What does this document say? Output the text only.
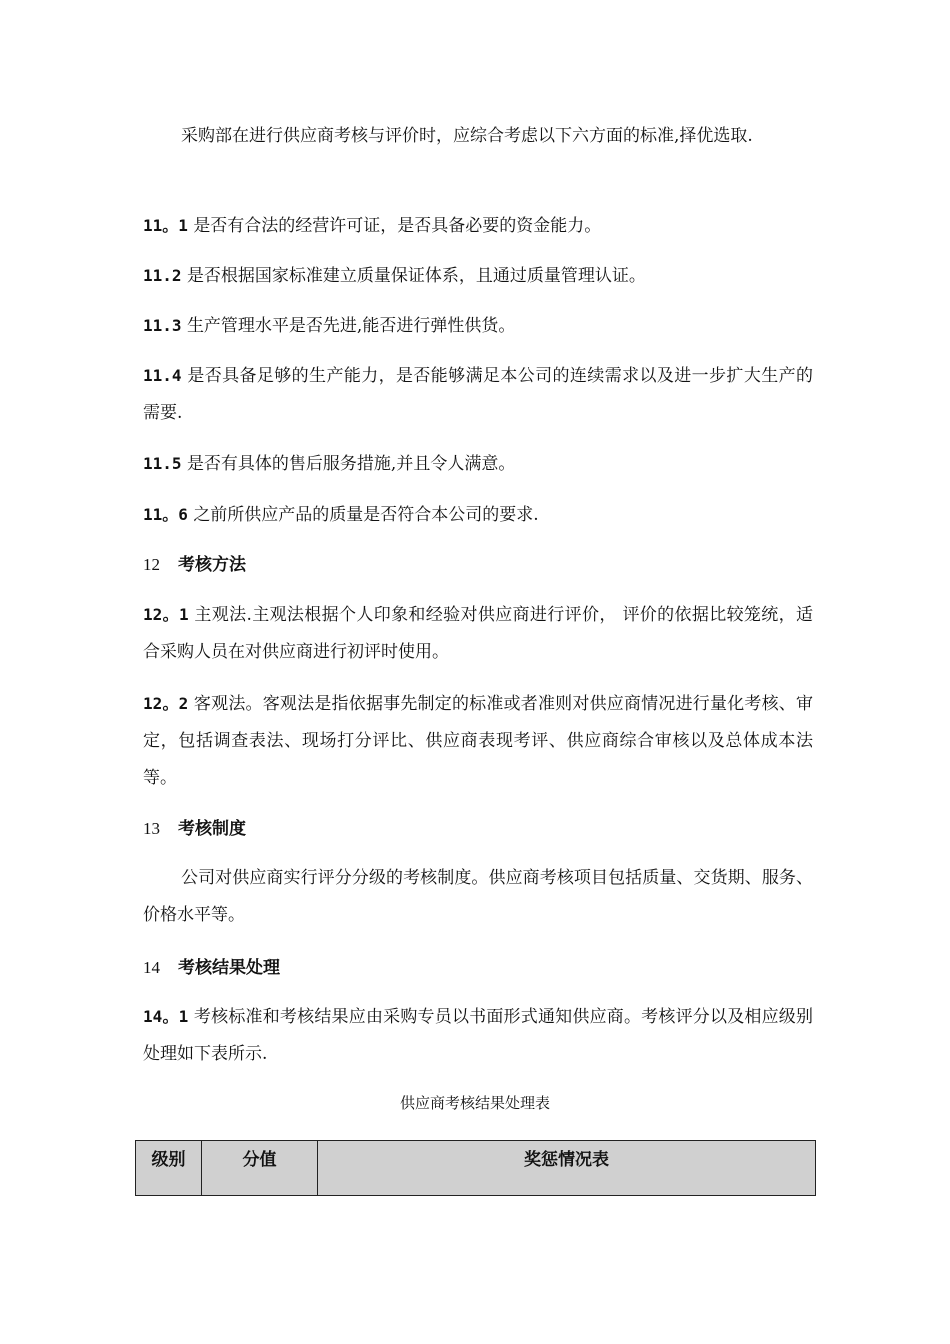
采购部在进行供应商考核与评价时，应综合考虑以下六方面的标准,择优选取.

11。1 是否有合法的经营许可证，是否具备必要的资金能力。

11.2 是否根据国家标准建立质量保证体系，且通过质量管理认证。

11.3 生产管理水平是否先进,能否进行弹性供货。

11.4 是否具备足够的生产能力，是否能够满足本公司的连续需求以及进一步扩大生产的需要.

11.5 是否有具体的售后服务措施,并且令人满意。

11。6 之前所供应产品的质量是否符合本公司的要求.

12 考核方法

12。1 主观法.主观法根据个人印象和经验对供应商进行评价， 评价的依据比较笼统，适合采购人员在对供应商进行初评时使用。

12。2 客观法。客观法是指依据事先制定的标准或者准则对供应商情况进行量化考核、审定，包括调查表法、现场打分评比、供应商表现考评、供应商综合审核以及总体成本法等。

13 考核制度

公司对供应商实行评分分级的考核制度。供应商考核项目包括质量、交货期、服务、价格水平等。

14 考核结果处理

14。1 考核标准和考核结果应由采购专员以书面形式通知供应商。考核评分以及相应级别处理如下表所示.

供应商考核结果处理表

级别	分值	奖惩情况表
